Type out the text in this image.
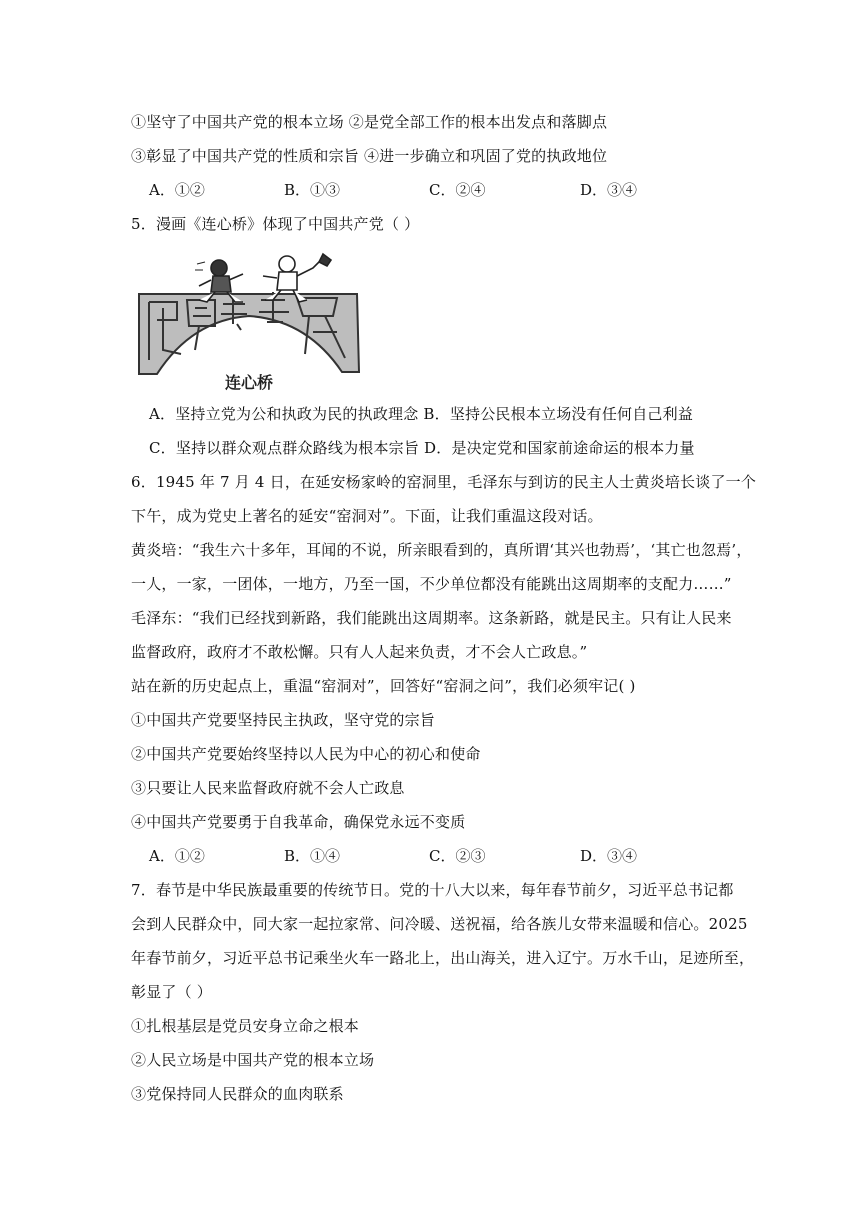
①坚守了中国共产党的根本立场 ②是党全部工作的根本出发点和落脚点
③彰显了中国共产党的性质和宗旨 ④进一步确立和巩固了党的执政地位
A．①②	B．①③	C．②④	D．③④
5．漫画《连心桥》体现了中国共产党（ ）
连心桥
A．坚持立党为公和执政为民的执政理念 B．坚持公民根本立场没有任何自己利益
C．坚持以群众观点群众路线为根本宗旨 D．是决定党和国家前途命运的根本力量
6．1945 年 7 月 4 日，在延安杨家岭的窑洞里，毛泽东与到访的民主人士黄炎培长谈了一个
下午，成为党史上著名的延安“窑洞对”。下面，让我们重温这段对话。
黄炎培：“我生六十多年，耳闻的不说，所亲眼看到的，真所谓‘其兴也勃焉’，‘其亡也忽焉’，
一人，一家，一团体，一地方，乃至一国，不少单位都没有能跳出这周期率的支配力……”
毛泽东：“我们已经找到新路，我们能跳出这周期率。这条新路，就是民主。只有让人民来
监督政府，政府才不敢松懈。只有人人起来负责，才不会人亡政息。”
站在新的历史起点上，重温“窑洞对”，回答好“窑洞之问”，我们必须牢记( )
①中国共产党要坚持民主执政，坚守党的宗旨
②中国共产党要始终坚持以人民为中心的初心和使命
③只要让人民来监督政府就不会人亡政息
④中国共产党要勇于自我革命，确保党永远不变质
A．①②	B．①④	C．②③	D．③④
7．春节是中华民族最重要的传统节日。党的十八大以来，每年春节前夕，习近平总书记都
会到人民群众中，同大家一起拉家常、问冷暖、送祝福，给各族儿女带来温暖和信心。2025
年春节前夕，习近平总书记乘坐火车一路北上，出山海关，进入辽宁。万水千山，足迹所至，
彰显了（ ）
①扎根基层是党员安身立命之根本
②人民立场是中国共产党的根本立场
③党保持同人民群众的血肉联系
